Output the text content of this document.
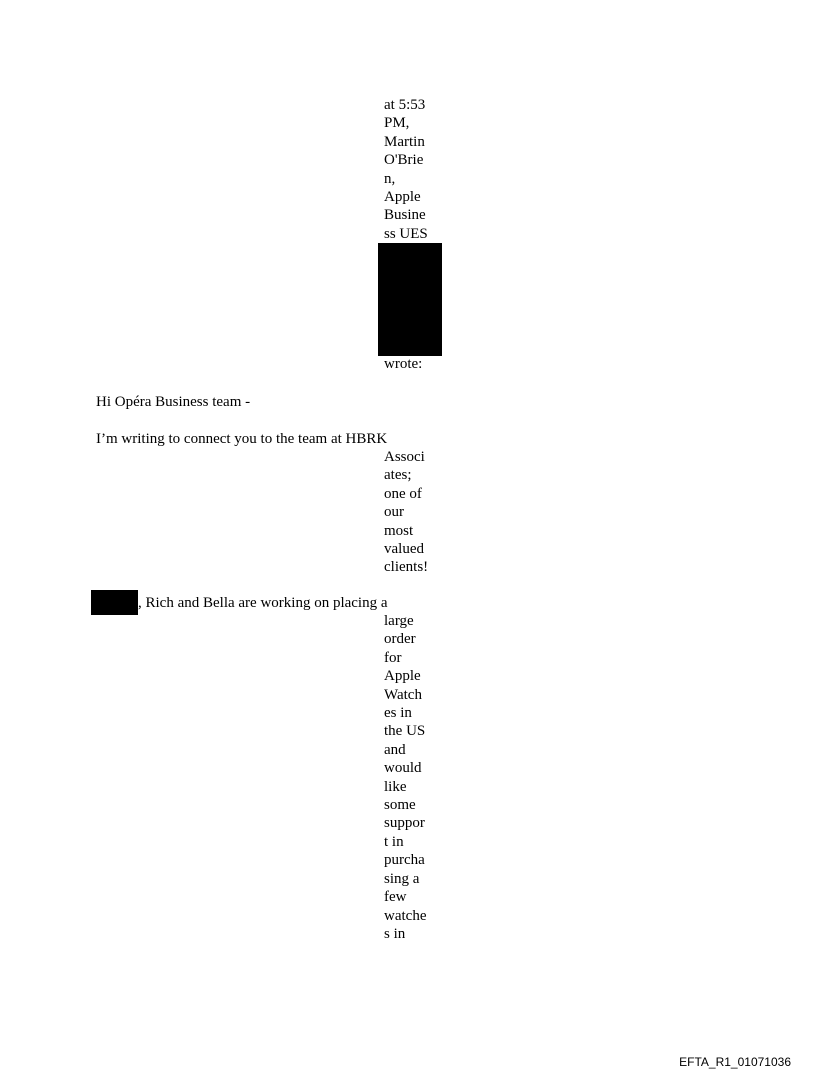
at 5:53
PM,
Martin
O'Brie
n,
Apple
Busine
ss UES
wrote:
Hi Opéra Business team -
I’m writing to connect you to the team at HBRK
Associ
ates;
one of
our
most
valued
clients!
, Rich and Bella are working on placing a
large
order
for
Apple
Watch
es in
the US
and
would
like
some
suppor
t in
purcha
sing a
few
watche
s in
EFTA_R1_01071036
